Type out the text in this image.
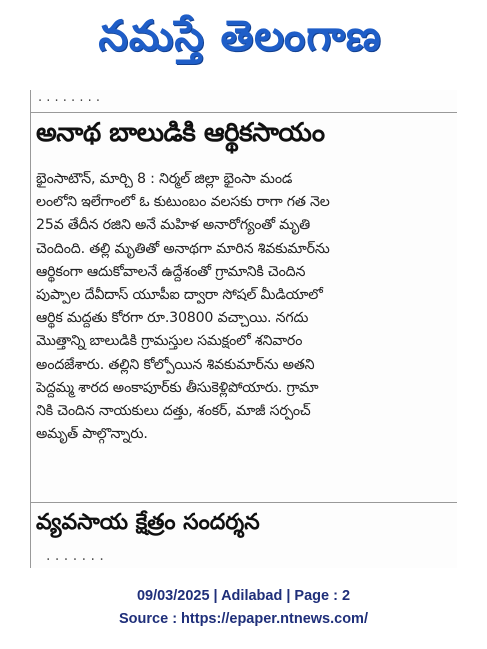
నమస్తే తెలంగాణ
· · · · · · · ·
అనాథ బాలుడికి ఆర్థికసాయం
భైంసాటౌన్, మార్చి 8 : నిర్మల్ జిల్లా భైంసా మండ
లంలోని ఇలేగాంలో ఓ కుటుంబం వలసకు రాగా గత నెల
25వ తేదీన రజిని అనే మహిళ అనారోగ్యంతో మృతి
చెందింది. తల్లి మృతితో అనాథగా మారిన శివకుమార్‌ను
ఆర్థికంగా ఆదుకోవాలనే ఉద్దేశంతో గ్రామానికి చెందిన
పుప్పాల దేవీదాస్ యూపీఐ ద్వారా సోషల్ మీడియాలో
ఆర్థిక మద్దతు కోరగా రూ.30800 వచ్చాయి. నగదు
మొత్తాన్ని బాలుడికి గ్రామస్తుల సమక్షంలో శనివారం
అందజేశారు. తల్లిని కోల్పోయిన శివకుమార్‌ను అతని
పెద్దమ్మ శారద అంకాపూర్‌కు తీసుకెళ్లిపోయారు. గ్రామా
నికి చెందిన నాయకులు దత్తు, శంకర్, మాజీ సర్పంచ్
అమృత్ పాల్గొన్నారు.
వ్యవసాయ క్షేత్రం సందర్శన
· · · · · · ·
09/03/2025 | Adilabad | Page : 2
Source : https://epaper.ntnews.com/
